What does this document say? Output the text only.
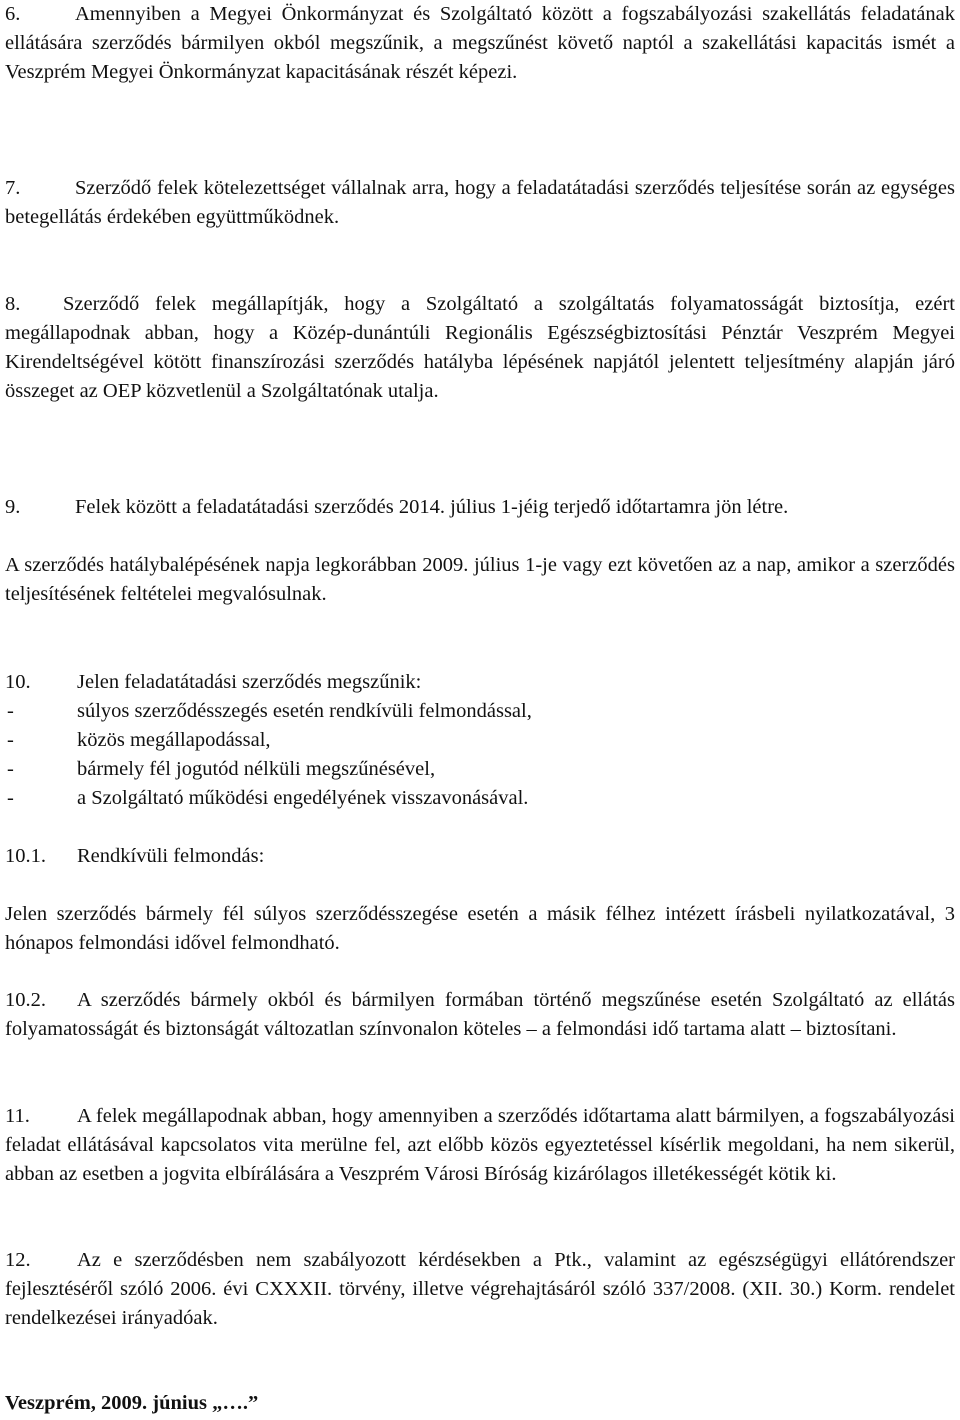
6.	Amennyiben a Megyei Önkormányzat és Szolgáltató között a fogszabályozási szakellátás feladatának ellátására szerződés bármilyen okból megszűnik, a megszűnést követő naptól a szakellátási kapacitás ismét a Veszprém Megyei Önkormányzat kapacitásának részét képezi.

7.	Szerződő felek kötelezettséget vállalnak arra, hogy a feladatátadási szerződés teljesítése során az egységes betegellátás érdekében együttműködnek.

8. Szerződő felek megállapítják, hogy a Szolgáltató a szolgáltatás folyamatosságát biztosítja, ezért megállapodnak abban, hogy a Közép-dunántúli Regionális Egészségbiztosítási Pénztár Veszprém Megyei Kirendeltségével kötött finanszírozási szerződés hatályba lépésének napjától jelentett teljesítmény alapján járó összeget az OEP közvetlenül a Szolgáltatónak utalja.

9.	Felek között a feladatátadási szerződés 2014. július 1-jéig terjedő időtartamra jön létre.

A szerződés hatálybalépésének napja legkorábban 2009. július 1-je vagy ezt követően az a nap, amikor a szerződés teljesítésének feltételei megvalósulnak.

10. Jelen feladatátadási szerződés megszűnik:

-	súlyos szerződésszegés esetén rendkívüli felmondással,
-	közös megállapodással,
-	bármely fél jogutód nélküli megszűnésével,
-	a Szolgáltató működési engedélyének visszavonásával.

10.1. Rendkívüli felmondás:

Jelen szerződés bármely fél súlyos szerződésszegése esetén a másik félhez intézett írásbeli nyilatkozatával, 3 hónapos felmondási idővel felmondható.

10.2. A szerződés bármely okból és bármilyen formában történő megszűnése esetén Szolgáltató az ellátás folyamatosságát és biztonságát változatlan színvonalon köteles – a felmondási idő tartama alatt – biztosítani.

11. A felek megállapodnak abban, hogy amennyiben a szerződés időtartama alatt bármilyen, a fogszabályozási feladat ellátásával kapcsolatos vita merülne fel, azt előbb közös egyeztetéssel kísérlik megoldani, ha nem sikerül, abban az esetben a jogvita elbírálására a Veszprém Városi Bíróság kizárólagos illetékességét kötik ki.

12. Az e szerződésben nem szabályozott kérdésekben a Ptk., valamint az egészségügyi ellátórendszer fejlesztéséről szóló 2006. évi CXXXII. törvény, illetve végrehajtásáról szóló 337/2008. (XII. 30.) Korm. rendelet rendelkezései irányadóak.

Veszprém, 2009. június „….”
